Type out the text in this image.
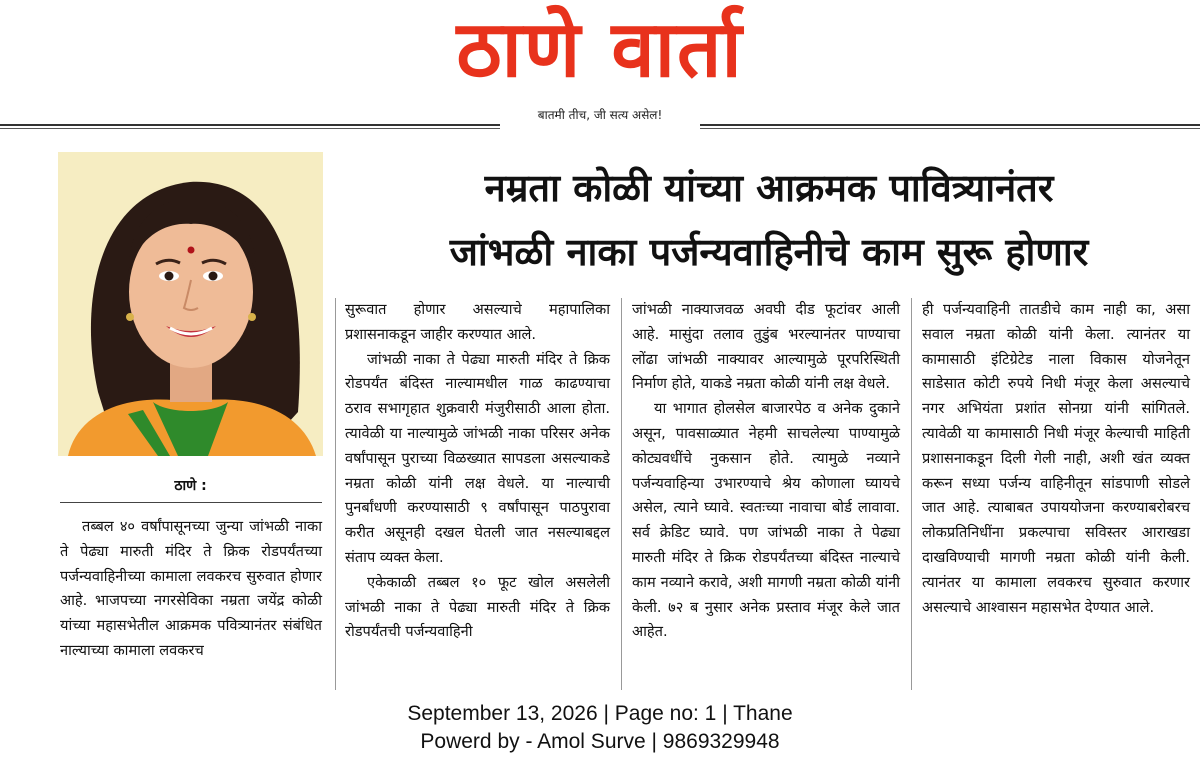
ठाणे वार्ता
बातमी तीच, जी सत्य असेल!
ठाणे :
नम्रता कोळी यांच्या आक्रमक पावित्र्यानंतर
जांभळी नाका पर्जन्यवाहिनीचे काम सुरू होणार

तब्बल ४० वर्षांपासूनच्या जुन्या जांभळी नाका ते पेढ्या मारुती मंदिर ते क्रिक रोडपर्यंतच्या पर्जन्यवाहिनीच्या कामाला लवकरच सुरुवात होणार आहे. भाजपच्या नगरसेविका नम्रता जयेंद्र कोळी यांच्या महासभेतील आक्रमक पवित्र्यानंतर संबंधित नाल्याच्या कामाला लवकरच

सुरूवात होणार असल्याचे महापालिका प्रशासनाकडून जाहीर करण्यात आले.

जांभळी नाका ते पेढ्या मारुती मंदिर ते क्रिक रोडपर्यंत बंदिस्त नाल्यामधील गाळ काढण्याचा ठराव सभागृहात शुक्रवारी मंजुरीसाठी आला होता. त्यावेळी या नाल्यामुळे जांभळी नाका परिसर अनेक वर्षांपासून पुराच्या विळख्यात सापडला असल्याकडे नम्रता कोळी यांनी लक्ष वेधले. या नाल्याची पुनर्बांधणी करण्यासाठी ९ वर्षांपासून पाठपुरावा करीत असूनही दखल घेतली जात नसल्याबद्दल संताप व्यक्त केला.

एकेकाळी तब्बल १० फूट खोल असलेली जांभळी नाका ते पेढ्या मारुती मंदिर ते क्रिक रोडपर्यंतची पर्जन्यवाहिनी

जांभळी नाक्याजवळ अवघी दीड फूटांवर आली आहे. मासुंदा तलाव तुडुंब भरल्यानंतर पाण्याचा लोंढा जांभळी नाक्यावर आल्यामुळे पूरपरिस्थिती निर्माण होते, याकडे नम्रता कोळी यांनी लक्ष वेधले.

या भागात होलसेल बाजारपेठ व अनेक दुकाने असून, पावसाळ्यात नेहमी साचलेल्या पाण्यामुळे कोट्यवधींचे नुकसान होते. त्यामुळे नव्याने पर्जन्यवाहिन्या उभारण्याचे श्रेय कोणाला घ्यायचे असेल, त्याने घ्यावे. स्वतःच्या नावाचा बोर्ड लावावा. सर्व क्रेडिट घ्यावे. पण जांभळी नाका ते पेढ्या मारुती मंदिर ते क्रिक रोडपर्यंतच्या बंदिस्त नाल्याचे काम नव्याने करावे, अशी मागणी नम्रता कोळी यांनी केली. ७२ ब नुसार अनेक प्रस्ताव मंजूर केले जात आहेत.

ही पर्जन्यवाहिनी तातडीचे काम नाही का, असा सवाल नम्रता कोळी यांनी केला. त्यानंतर या कामासाठी इंटिग्रेटेड नाला विकास योजनेतून साडेसात कोटी रुपये निधी मंजूर केला असल्याचे नगर अभियंता प्रशांत सोनग्रा यांनी सांगितले. त्यावेळी या कामासाठी निधी मंजूर केल्याची माहिती प्रशासनाकडून दिली गेली नाही, अशी खंत व्यक्त करून सध्या पर्जन्य वाहिनीतून सांडपाणी सोडले जात आहे. त्याबाबत उपाययोजना करण्याबरोबरच लोकप्रतिनिधींना प्रकल्पाचा सविस्तर आराखडा दाखविण्याची मागणी नम्रता कोळी यांनी केली. त्यानंतर या कामाला लवकरच सुरुवात करणार असल्याचे आश्वासन महासभेत देण्यात आले.

September 13, 2026 | Page no: 1 | Thane
Powerd by - Amol Surve | 9869329948
